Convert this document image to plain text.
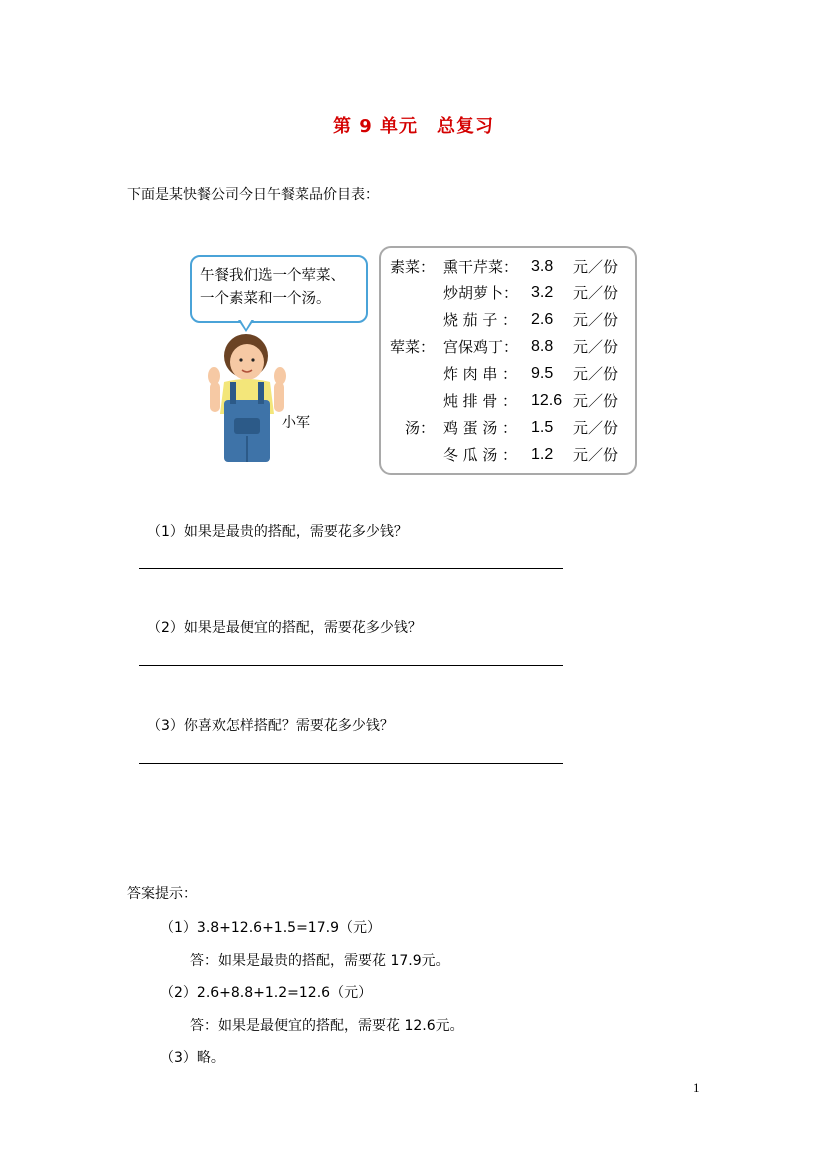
第 9 单元　总复习
下面是某快餐公司今日午餐菜品价目表：
午餐我们选一个荤菜、
一个素菜和一个汤。
小军
素菜： 熏干芹菜： 3.8 元／份
炒胡萝卜： 3.2 元／份
烧茄子： 2.6 元／份
荤菜： 宫保鸡丁： 8.8 元／份
炸肉串： 9.5 元／份
炖排骨： 12.6 元／份
汤： 鸡蛋汤： 1.5 元／份
冬瓜汤： 1.2 元／份
（1）如果是最贵的搭配，需要花多少钱？
（2）如果是最便宜的搭配，需要花多少钱？
（3）你喜欢怎样搭配？需要花多少钱？
答案提示：
（1）3.8+12.6+1.5=17.9（元）
答：如果是最贵的搭配，需要花 17.9元。
（2）2.6+8.8+1.2=12.6（元）
答：如果是最便宜的搭配，需要花 12.6元。
（3）略。
1
